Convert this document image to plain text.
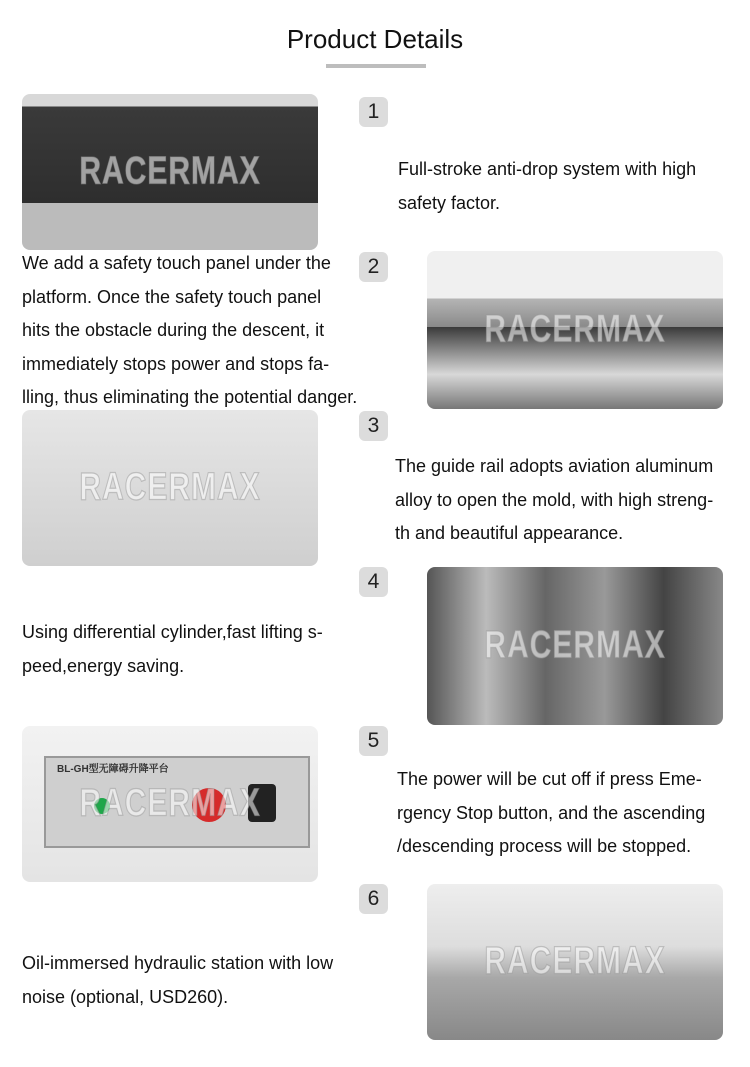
Product Details
RACERMAX
1
Full-stroke anti-drop system with high
safety factor.
We add a safety touch panel under the
platform. Once the safety touch panel
hits the obstacle during the descent, it
immediately stops power and stops fa-
lling, thus eliminating the potential danger.
2
RACERMAX
RACERMAX
3
The guide rail adopts aviation aluminum
alloy to open the mold, with high streng-
th and beautiful appearance.
4
Using differential cylinder,fast lifting s-
peed,energy saving.	RACERMAX
BL-GH型无障碍升降平台
RACERMAX
5
The power will be cut off if press Eme-
rgency Stop button, and the ascending
/descending process will be stopped.
6
Oil-immersed hydraulic station with low
noise (optional, USD260).
RACERMAX
